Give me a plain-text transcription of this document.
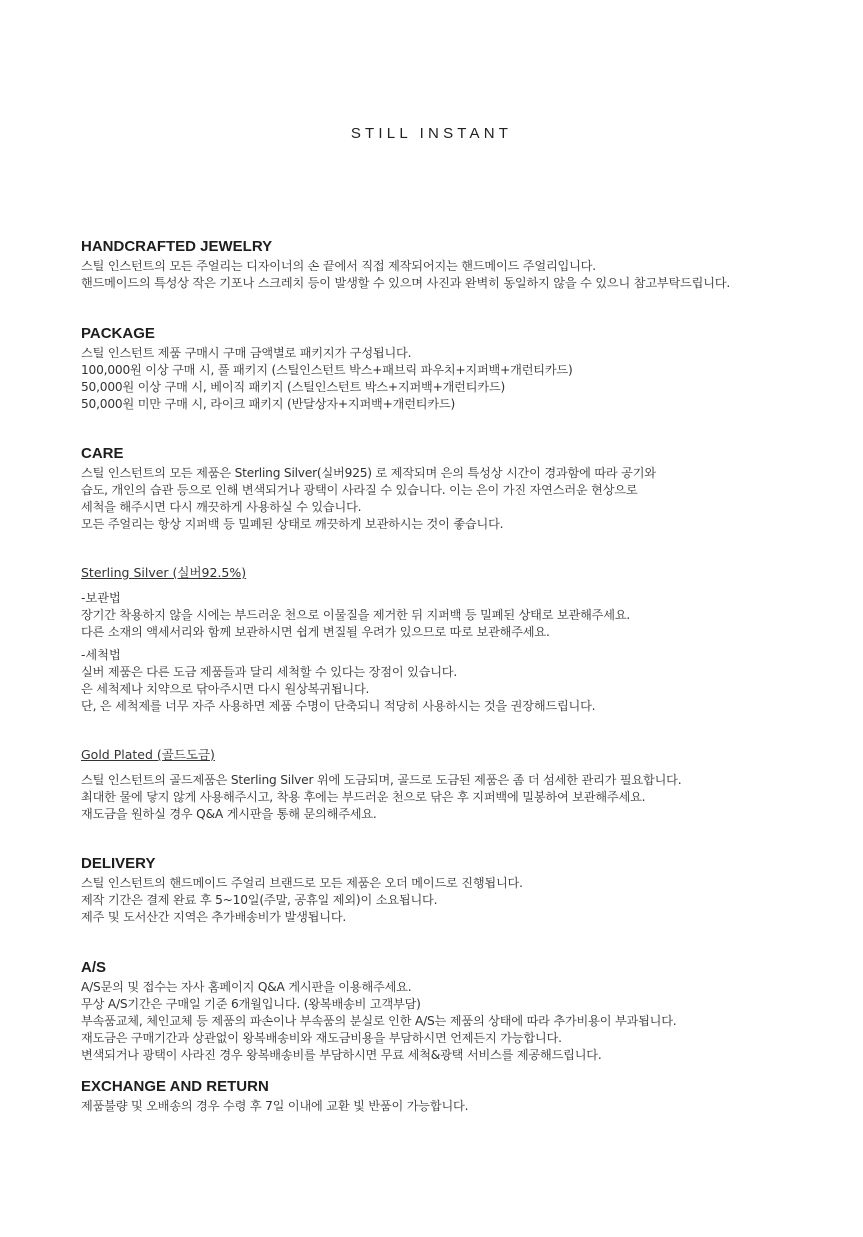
STILL INSTANT
HANDCRAFTED JEWELRY
스틸 인스턴트의 모든 주얼리는 디자이너의 손 끝에서 직접 제작되어지는 핸드메이드 주얼리입니다.
핸드메이드의 특성상 작은 기포나 스크레치 등이 발생할 수 있으며 사진과 완벽히 동일하지 않을 수 있으니 참고부탁드립니다.
PACKAGE
스틸 인스턴트 제품 구매시 구매 금액별로 패키지가 구성됩니다.
100,000원 이상 구매 시, 풀 패키지 (스틸인스턴트 박스+패브릭 파우치+지퍼백+개런티카드)
50,000원 이상 구매 시, 베이직 패키지 (스틸인스턴트 박스+지퍼백+개런티카드)
50,000원 미만 구매 시, 라이크 패키지 (반달상자+지퍼백+개런티카드)
CARE
스틸 인스턴트의 모든 제품은 Sterling Silver(실버925) 로 제작되며 은의 특성상 시간이 경과함에 따라 공기와
습도, 개인의 습관 등으로 인해 변색되거나 광택이 사라질 수 있습니다. 이는 은이 가진 자연스러운 현상으로
세척을 해주시면 다시 깨끗하게 사용하실 수 있습니다.
모든 주얼리는 항상 지퍼백 등 밀폐된 상태로 깨끗하게 보관하시는 것이 좋습니다.
Sterling Silver (실버92.5%)
-보관법
장기간 착용하지 않을 시에는 부드러운 천으로 이물질을 제거한 뒤 지퍼백 등 밀폐된 상태로 보관해주세요.
다른 소재의 액세서리와 함께 보관하시면 쉽게 변질될 우려가 있으므로 따로 보관해주세요.
-세척법
실버 제품은 다른 도금 제품들과 달리 세척할 수 있다는 장점이 있습니다.
은 세척제나 치약으로 닦아주시면 다시 원상복귀됩니다.
단, 은 세척제를 너무 자주 사용하면 제품 수명이 단축되니 적당히 사용하시는 것을 권장해드립니다.
Gold Plated (골드도금)
스틸 인스턴트의 골드제품은 Sterling Silver 위에 도금되며, 골드로 도금된 제품은 좀 더 섬세한 관리가 필요합니다.
최대한 물에 닿지 않게 사용해주시고, 착용 후에는 부드러운 천으로 닦은 후 지퍼백에 밀봉하여 보관해주세요.
재도금을 원하실 경우 Q&A 게시판을 통해 문의해주세요.
DELIVERY
스틸 인스턴트의 핸드메이드 주얼리 브랜드로 모든 제품은 오더 메이드로 진행됩니다.
제작 기간은 결제 완료 후 5~10일(주말, 공휴일 제외)이 소요됩니다.
제주 및 도서산간 지역은 추가배송비가 발생됩니다.
A/S
A/S문의 및 접수는 자사 홈페이지 Q&A 게시판을 이용해주세요.
무상 A/S기간은 구매일 기준 6개월입니다. (왕복배송비 고객부담)
부속품교체, 체인교체 등 제품의 파손이나 부속품의 분실로 인한 A/S는 제품의 상태에 따라 추가비용이 부과됩니다.
재도금은 구매기간과 상관없이 왕복배송비와 재도금비용을 부담하시면 언제든지 가능합니다.
변색되거나 광택이 사라진 경우 왕복배송비를 부담하시면 무료 세척&광택 서비스를 제공해드립니다.
EXCHANGE AND RETURN
제품불량 및 오배송의 경우 수령 후 7일 이내에 교환 빛 반품이 가능합니다.
